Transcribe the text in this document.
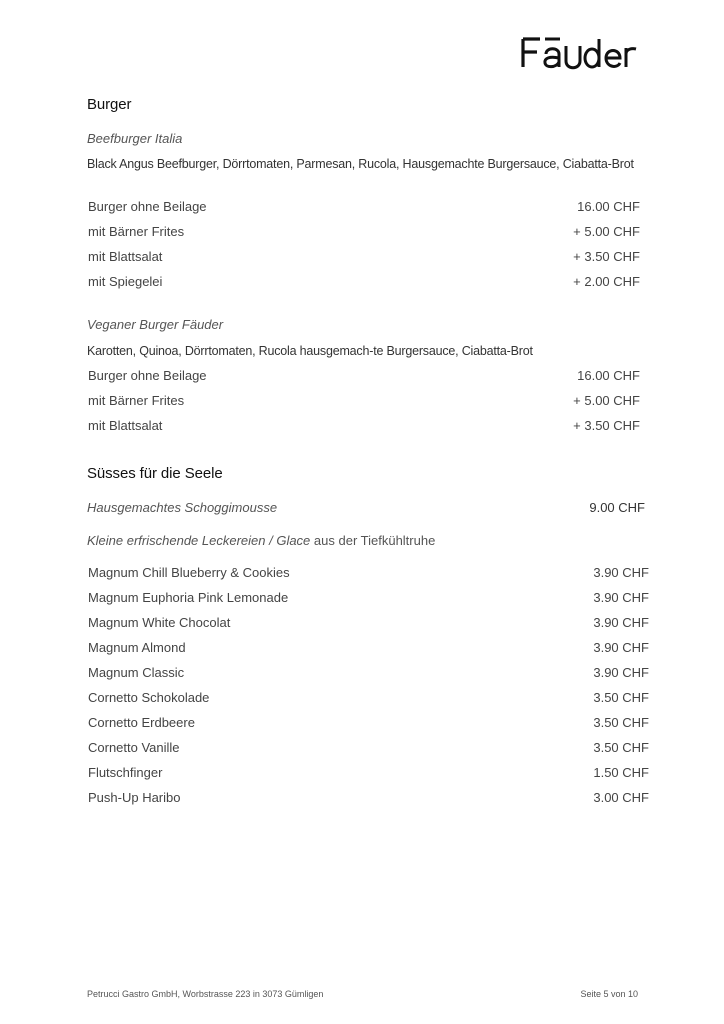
Burger
Beefburger Italia
Black Angus Beefburger, Dörrtomaten, Parmesan, Rucola, Hausgemachte Burgersauce, Ciabatta-Brot
Burger ohne Beilage	16.00 CHF
mit Bärner Frites	+ 5.00 CHF
mit Blattsalat	+ 3.50 CHF
mit Spiegelei	+ 2.00 CHF
Veganer Burger Fäuder
Karotten, Quinoa, Dörrtomaten, Rucola hausgemach-te Burgersauce, Ciabatta-Brot
Burger ohne Beilage	16.00 CHF
mit Bärner Frites	+ 5.00 CHF
mit Blattsalat	+ 3.50 CHF
Süsses für die Seele
Hausgemachtes Schoggimousse	9.00 CHF
Kleine erfrischende Leckereien / Glace aus der Tiefkühltruhe
Magnum Chill Blueberry & Cookies	3.90 CHF
Magnum Euphoria Pink Lemonade	3.90 CHF
Magnum White Chocolat	3.90 CHF
Magnum Almond	3.90 CHF
Magnum Classic	3.90 CHF
Cornetto Schokolade	3.50 CHF
Cornetto Erdbeere	3.50 CHF
Cornetto Vanille	3.50 CHF
Flutschfinger	1.50 CHF
Push-Up Haribo	3.00 CHF
Petrucci Gastro GmbH, Worbstrasse 223 in 3073 Gümligen	Seite 5 von 10
